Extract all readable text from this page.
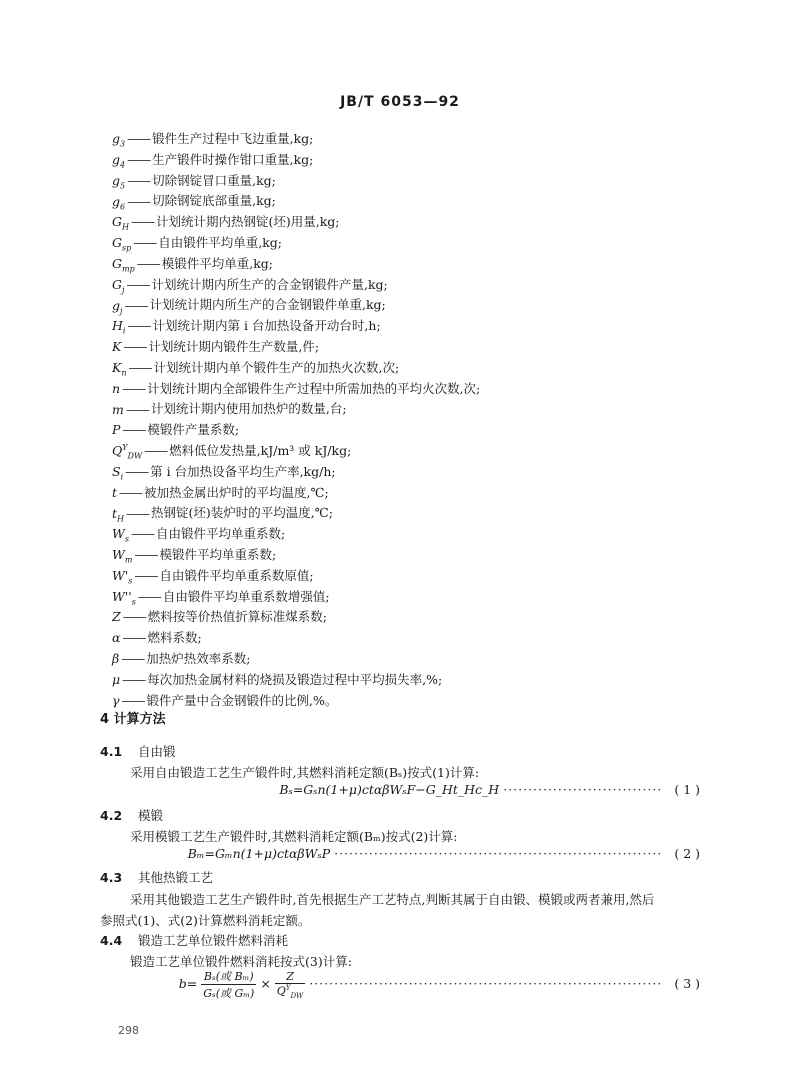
JB/T 6053—92
$g_3$ —— 锻件生产过程中飞边重量,kg;
$g_4$ —— 生产锻件时操作钳口重量,kg;
$g_5$ —— 切除钢锭冒口重量,kg;
$g_6$ —— 切除钢锭底部重量,kg;
$G_H$ —— 计划统计期内热钢锭(坯)用量,kg;
$G_{sp}$ —— 自由锻件平均单重,kg;
$G_{mp}$ —— 模锻件平均单重,kg;
$G_j$ —— 计划统计期内所生产的合金钢锻件产量,kg;
$g_j$ —— 计划统计期内所生产的合金钢锻件单重,kg;
$H_i$ —— 计划统计期内第 i 台加热设备开动台时,h;
K —— 计划统计期内锻件生产数量,件;
$K_n$ —— 计划统计期内单个锻件生产的加热火次数,次;
n —— 计划统计期内全部锻件生产过程中所需加热的平均火次数,次;
m —— 计划统计期内使用加热炉的数量,台;
P —— 模锻件产量系数;
$Q^Y_{DW}$ —— 燃料低位发热量,kJ/m³ 或 kJ/kg;
$S_i$ —— 第 i 台加热设备平均生产率,kg/h;
t —— 被加热金属出炉时的平均温度,℃;
$t_H$ —— 热钢锭(坯)装炉时的平均温度,℃;
$W_s$ —— 自由锻件平均单重系数;
$W_m$ —— 模锻件平均单重系数;
$W'_s$ —— 自由锻件平均单重系数原值;
$W''_s$ —— 自由锻件平均单重系数增强值;
Z —— 燃料按等价热值折算标准煤系数;
α —— 燃料系数;
β —— 加热炉热效率系数;
μ —— 每次加热金属材料的烧损及锻造过程中平均损失率,%;
γ —— 锻件产量中合金钢锻件的比例,%。
4 计算方法
4.1 自由锻
采用自由锻造工艺生产锻件时,其燃料消耗定额(Bₛ)按式(1)计算:
Bₛ=Gₛn(1+μ)ctαβWₛF−G_Ht_Hc_H ································ ( 1 )
4.2 模锻
采用模锻工艺生产锻件时,其燃料消耗定额(Bₘ)按式(2)计算:
Bₘ=Gₘn(1+μ)ctαβWₛP ·································································· ( 2 )
4.3 其他热锻工艺
采用其他锻造工艺生产锻件时,首先根据生产工艺特点,判断其属于自由锻、模锻或两者兼用,然后
参照式(1)、式(2)计算燃料消耗定额。
4.4 锻造工艺单位锻件燃料消耗
锻造工艺单位锻件燃料消耗按式(3)计算:
$b= \frac{\text{Bₛ(或 Bₘ)}}{\text{Gₛ(或 Gₘ)}} \times \frac{Z}{Q^Y_{DW}}$ ······································································· ( 3 )
298
